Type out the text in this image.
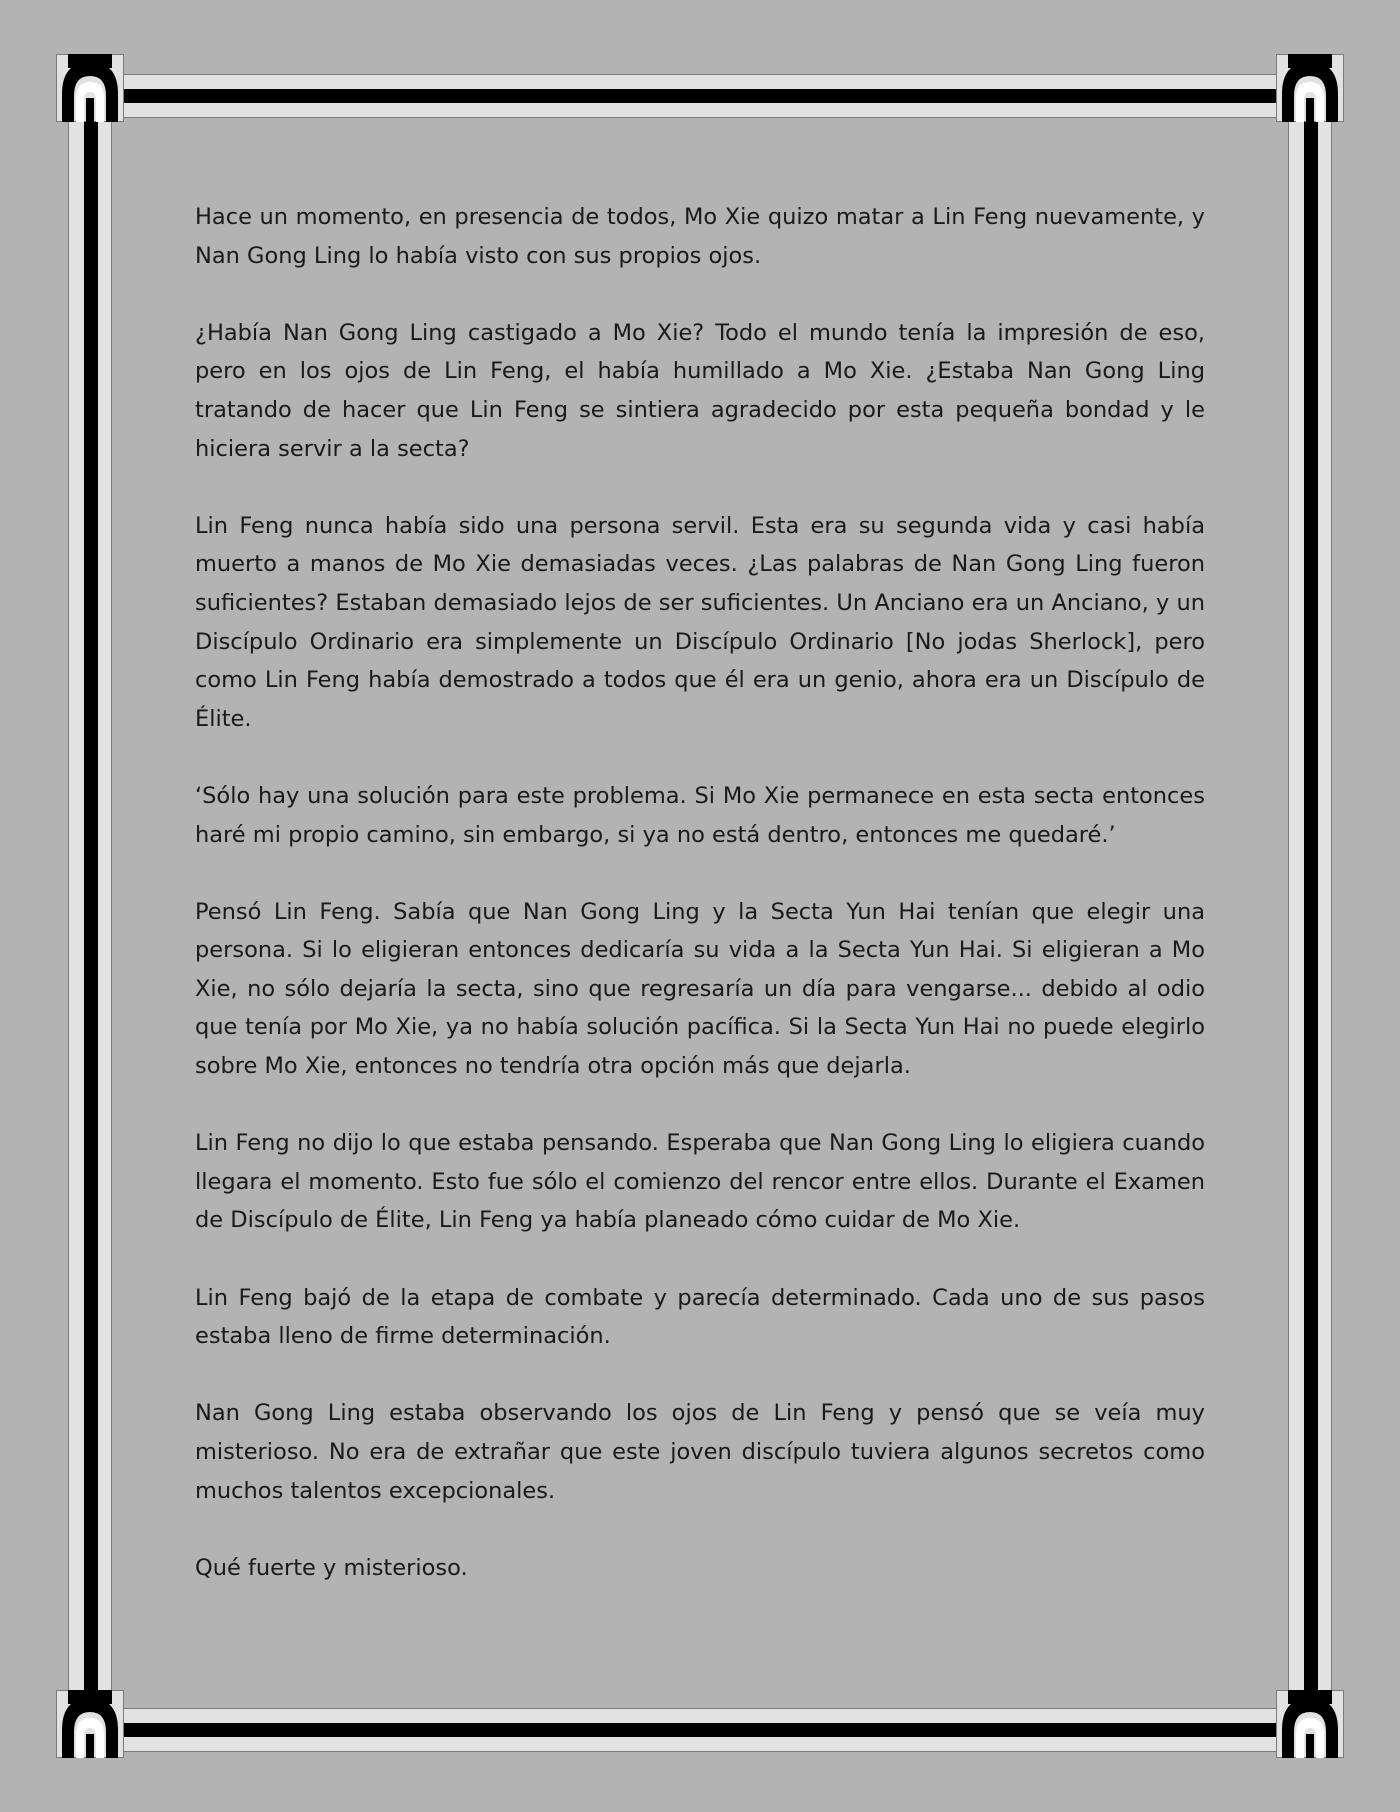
Hace un momento, en presencia de todos, Mo Xie quizo matar a Lin Feng nuevamente, y Nan Gong Ling lo había visto con sus propios ojos.

¿Había Nan Gong Ling castigado a Mo Xie? Todo el mundo tenía la impresión de eso, pero en los ojos de Lin Feng, el había humillado a Mo Xie. ¿Estaba Nan Gong Ling tratando de hacer que Lin Feng se sintiera agradecido por esta pequeña bondad y le hiciera servir a la secta?

Lin Feng nunca había sido una persona servil. Esta era su segunda vida y casi había muerto a manos de Mo Xie demasiadas veces. ¿Las palabras de Nan Gong Ling fueron suficientes? Estaban demasiado lejos de ser suficientes. Un Anciano era un Anciano, y un Discípulo Ordinario era simplemente un Discípulo Ordinario [No jodas Sherlock], pero como Lin Feng había demostrado a todos que él era un genio, ahora era un Discípulo de Élite.

‘Sólo hay una solución para este problema. Si Mo Xie permanece en esta secta entonces haré mi propio camino, sin embargo, si ya no está dentro, entonces me quedaré.’

Pensó Lin Feng. Sabía que Nan Gong Ling y la Secta Yun Hai tenían que elegir una persona. Si lo eligieran entonces dedicaría su vida a la Secta Yun Hai. Si eligieran a Mo Xie, no sólo dejaría la secta, sino que regresaría un día para vengarse... debido al odio que tenía por Mo Xie, ya no había solución pacífica. Si la Secta Yun Hai no puede elegirlo sobre Mo Xie, entonces no tendría otra opción más que dejarla.

Lin Feng no dijo lo que estaba pensando. Esperaba que Nan Gong Ling lo eligiera cuando llegara el momento. Esto fue sólo el comienzo del rencor entre ellos. Durante el Examen de Discípulo de Élite, Lin Feng ya había planeado cómo cuidar de Mo Xie.

Lin Feng bajó de la etapa de combate y parecía determinado. Cada uno de sus pasos estaba lleno de firme determinación.

Nan Gong Ling estaba observando los ojos de Lin Feng y pensó que se veía muy misterioso. No era de extrañar que este joven discípulo tuviera algunos secretos como muchos talentos excepcionales.

Qué fuerte y misterioso.
